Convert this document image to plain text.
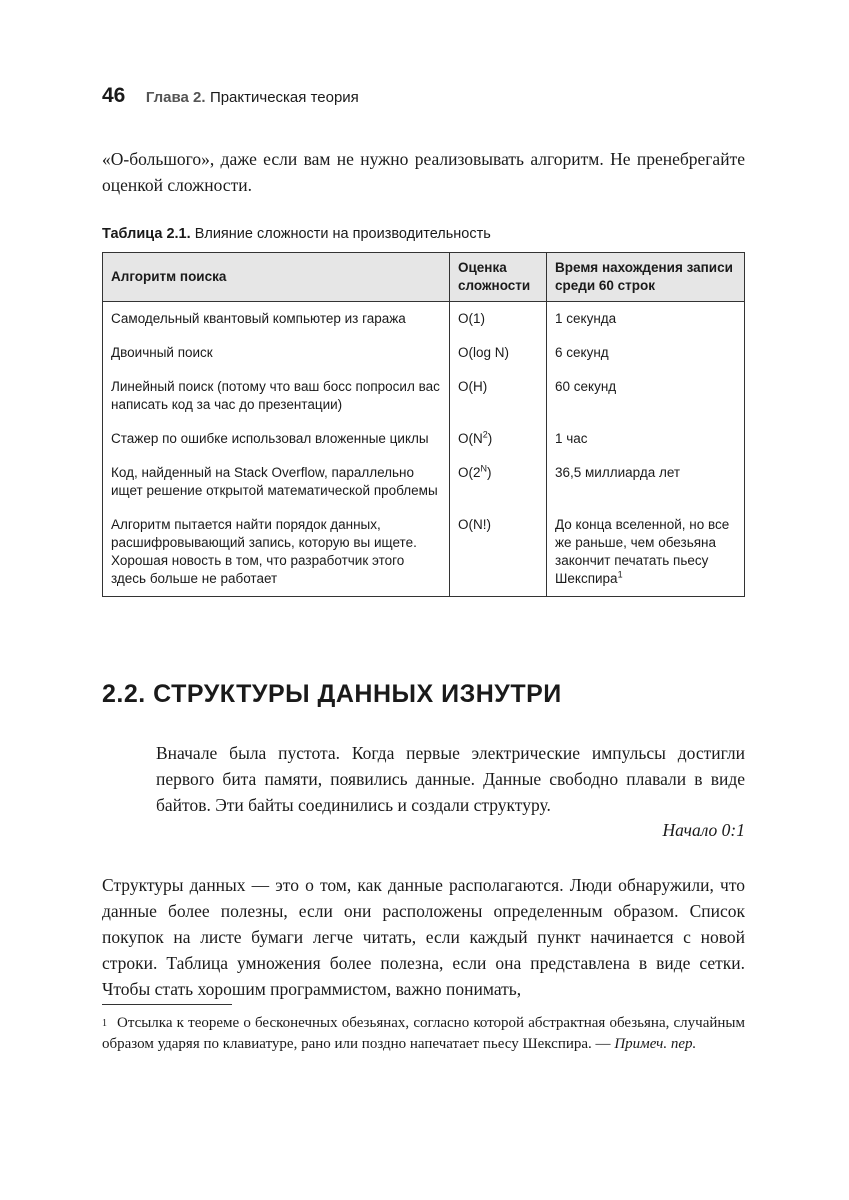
46 Глава 2. Практическая теория

«О-большого», даже если вам не нужно реализовывать алгоритм. Не пренебрегайте оценкой сложности.

Таблица 2.1. Влияние сложности на производительность
Алгоритм поиска	Оценка сложности	Время нахождения записи среди 60 строк
Самодельный квантовый компьютер из гаража	O(1)	1 секунда
Двоичный поиск	O(log N)	6 секунд
Линейный поиск (потому что ваш босс попросил вас написать код за час до презентации)	O(H)	60 секунд
Стажер по ошибке использовал вложенные циклы	$O(N^2)$	1 час
Код, найденный на Stack Overflow, параллельно ищет решение открытой математической проблемы	$O(2^N)$	36,5 миллиарда лет
Алгоритм пытается найти порядок данных, расшифровывающий запись, которую вы ищете. Хорошая новость в том, что разработчик этого здесь больше не работает	O(N!)	До конца вселенной, но все же раньше, чем обезьяна закончит печатать пьесу Шекспира$^1$
2.2. СТРУКТУРЫ ДАННЫХ ИЗНУТРИ

Вначале была пустота. Когда первые электрические импульсы достигли первого бита памяти, появились данные. Данные свободно плавали в виде байтов. Эти байты соединились и создали структуру.

Начало 0:1

Структуры данных — это о том, как данные располагаются. Люди обнаружили, что данные более полезны, если они расположены определенным образом. Список покупок на листе бумаги легче читать, если каждый пункт начинается с новой строки. Таблица умножения более полезна, если она представлена в виде сетки. Чтобы стать хорошим программистом, важно понимать,

$^1$ Отсылка к теореме о бесконечных обезьянах, согласно которой абстрактная обезьяна, случайным образом ударяя по клавиатуре, рано или поздно напечатает пьесу Шекспира. — Примеч. пер.
